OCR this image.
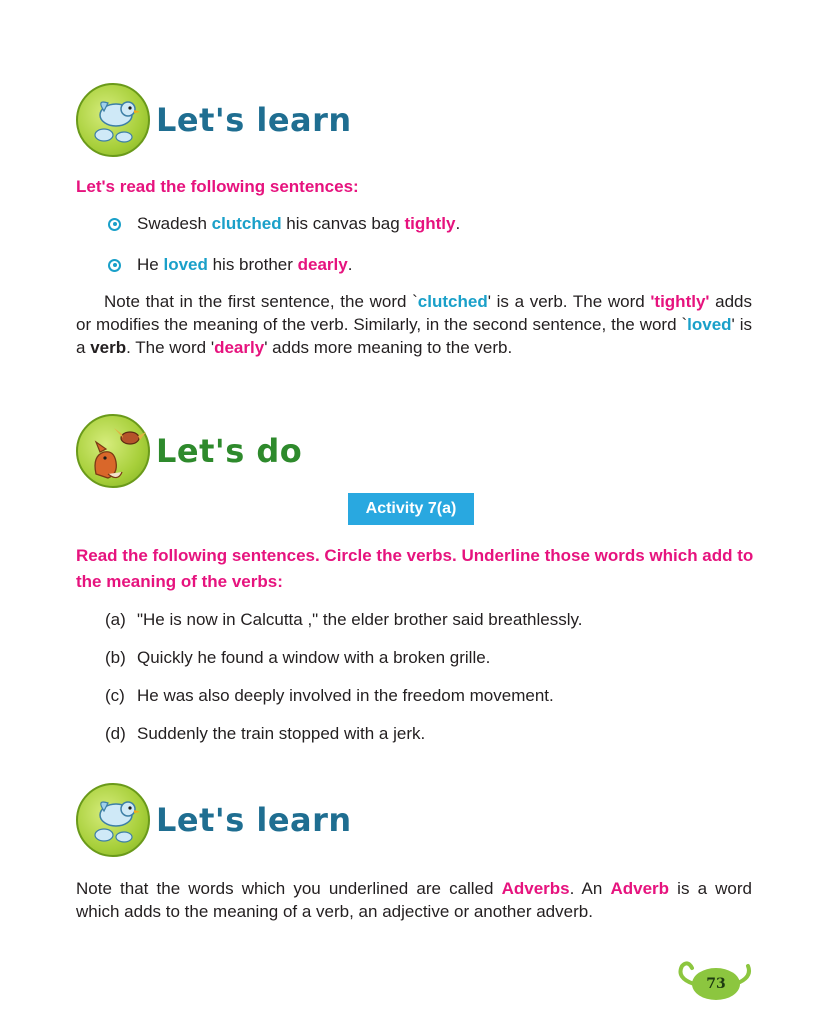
Let's learn
Let's read the following sentences:
Swadesh clutched his canvas bag tightly.
He loved his brother dearly.

Note that in the first sentence, the word `clutched' is a verb. The word 'tightly' adds or modifies the meaning of the verb. Similarly, in the second sentence, the word `loved' is a verb. The word 'dearly' adds more meaning to the verb.

Let's do
Activity 7(a)
Read the following sentences. Circle the verbs. Underline those words which add to the meaning of the verbs:
(a) "He is now in Calcutta ," the elder brother said breathlessly.
(b) Quickly he found a window with a broken grille.
(c) He was also deeply involved in the freedom movement.
(d) Suddenly the train stopped with a jerk.
Let's learn

Note that the words which you underlined are called Adverbs. An Adverb is a word which adds to the meaning of a verb, an adjective or another adverb.

73
